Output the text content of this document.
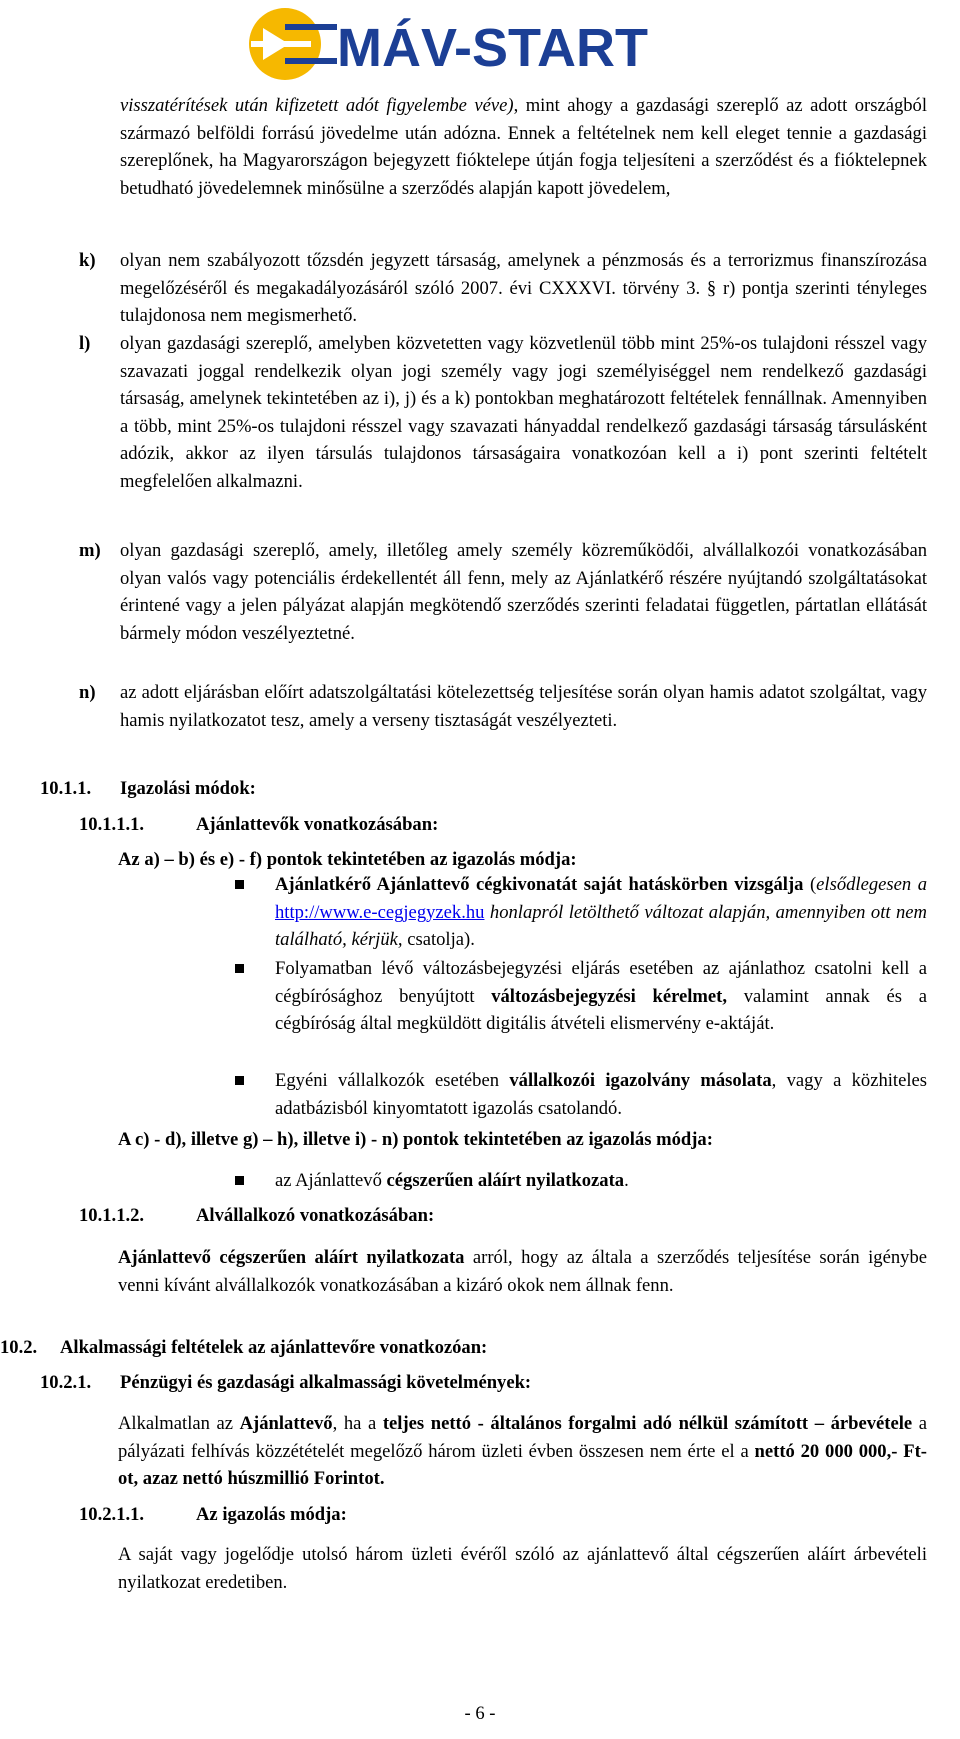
MÁV-START
visszatérítések után kifizetett adót figyelembe véve), mint ahogy a gazdasági szereplő az adott országból származó belföldi forrású jövedelme után adózna. Ennek a feltételnek nem kell eleget tennie a gazdasági szereplőnek, ha Magyarországon bejegyzett fióktelepe útján fogja teljesíteni a szerződést és a fióktelepnek betudható jövedelemnek minősülne a szerződés alapján kapott jövedelem,
k) olyan nem szabályozott tőzsdén jegyzett társaság, amelynek a pénzmosás és a terrorizmus finanszírozása megelőzéséről és megakadályozásáról szóló 2007. évi CXXXVI. törvény 3. § r) pontja szerinti tényleges tulajdonosa nem megismerhető.
l) olyan gazdasági szereplő, amelyben közvetetten vagy közvetlenül több mint 25%-os tulajdoni résszel vagy szavazati joggal rendelkezik olyan jogi személy vagy jogi személyiséggel nem rendelkező gazdasági társaság, amelynek tekintetében az i), j) és a k) pontokban meghatározott feltételek fennállnak. Amennyiben a több, mint 25%-os tulajdoni résszel vagy szavazati hányaddal rendelkező gazdasági társaság társulásként adózik, akkor az ilyen társulás tulajdonos társaságaira vonatkozóan kell a i) pont szerinti feltételt megfelelően alkalmazni.
m) olyan gazdasági szereplő, amely, illetőleg amely személy közreműködői, alvállalkozói vonatkozásában olyan valós vagy potenciális érdekellentét áll fenn, mely az Ajánlatkérő részére nyújtandó szolgáltatásokat érintené vagy a jelen pályázat alapján megkötendő szerződés szerinti feladatai független, pártatlan ellátását bármely módon veszélyeztetné.
n) az adott eljárásban előírt adatszolgáltatási kötelezettség teljesítése során olyan hamis adatot szolgáltat, vagy hamis nyilatkozatot tesz, amely a verseny tisztaságát veszélyezteti.
10.1.1. Igazolási módok:
10.1.1.1.	Ajánlattevők vonatkozásában:
Az a) – b) és e) - f) pontok tekintetében az igazolás módja:
Ajánlatkérő Ajánlattevő cégkivonatát saját hatáskörben vizsgálja (elsődlegesen a http://www.e-cegjegyzek.hu honlapról letölthető változat alapján, amennyiben ott nem található, kérjük, csatolja).
Folyamatban lévő változásbejegyzési eljárás esetében az ajánlathoz csatolni kell a cégbírósághoz benyújtott változásbejegyzési kérelmet, valamint annak és a cégbíróság által megküldött digitális átvételi elismervény e-aktáját.
Egyéni vállalkozók esetében vállalkozói igazolvány másolata, vagy a közhiteles adatbázisból kinyomtatott igazolás csatolandó.
A c) - d), illetve g) – h), illetve i) - n) pontok tekintetében az igazolás módja:
az Ajánlattevő cégszerűen aláírt nyilatkozata.
10.1.1.2.	Alvállalkozó vonatkozásában:
Ajánlattevő cégszerűen aláírt nyilatkozata arról, hogy az általa a szerződés teljesítése során igénybe venni kívánt alvállalkozók vonatkozásában a kizáró okok nem állnak fenn.
10.2. Alkalmassági feltételek az ajánlattevőre vonatkozóan:
10.2.1. Pénzügyi és gazdasági alkalmassági követelmények:
Alkalmatlan az Ajánlattevő, ha a teljes nettó - általános forgalmi adó nélkül számított – árbevétele a pályázati felhívás közzétételét megelőző három üzleti évben összesen nem érte el a nettó 20 000 000,- Ft-ot, azaz nettó húszmillió Forintot.
10.2.1.1.	Az igazolás módja:
A saját vagy jogelődje utolsó három üzleti évéről szóló az ajánlattevő által cégszerűen aláírt árbevételi nyilatkozat eredetiben.
- 6 -
